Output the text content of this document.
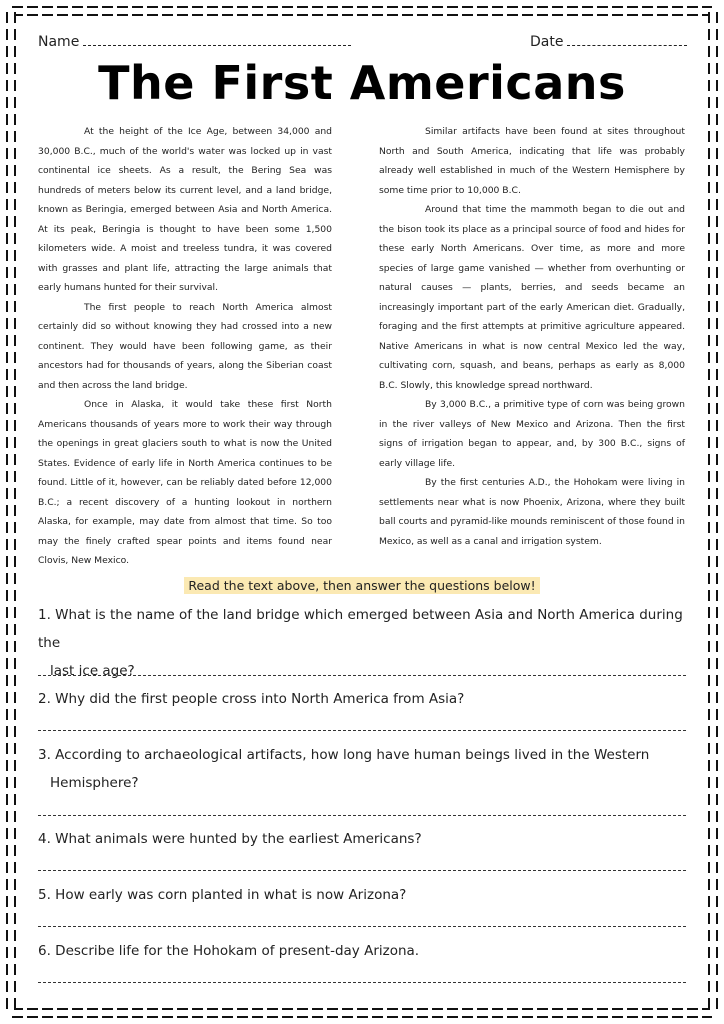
Name	Date
The First Americans

At the height of the Ice Age, between 34,000 and 30,000 B.C., much of the world's water was locked up in vast continental ice sheets. As a result, the Bering Sea was hundreds of meters below its current level, and a land bridge, known as Beringia, emerged between Asia and North America. At its peak, Beringia is thought to have been some 1,500 kilometers wide. A moist and treeless tundra, it was covered with grasses and plant life, attracting the large animals that early humans hunted for their survival.

The first people to reach North America almost certainly did so without knowing they had crossed into a new continent. They would have been following game, as their ancestors had for thousands of years, along the Siberian coast and then across the land bridge.

Once in Alaska, it would take these first North Americans thousands of years more to work their way through the openings in great glaciers south to what is now the United States. Evidence of early life in North America continues to be found. Little of it, however, can be reliably dated before 12,000 B.C.; a recent discovery of a hunting lookout in northern Alaska, for example, may date from almost that time. So too may the finely crafted spear points and items found near Clovis, New Mexico.

Similar artifacts have been found at sites throughout North and South America, indicating that life was probably already well established in much of the Western Hemisphere by some time prior to 10,000 B.C.

Around that time the mammoth began to die out and the bison took its place as a principal source of food and hides for these early North Americans. Over time, as more and more species of large game vanished — whether from overhunting or natural causes — plants, berries, and seeds became an increasingly important part of the early American diet. Gradually, foraging and the first attempts at primitive agriculture appeared. Native Americans in what is now central Mexico led the way, cultivating corn, squash, and beans, perhaps as early as 8,000 B.C. Slowly, this knowledge spread northward.

By 3,000 B.C., a primitive type of corn was being grown in the river valleys of New Mexico and Arizona. Then the first signs of irrigation began to appear, and, by 300 B.C., signs of early village life.

By the first centuries A.D., the Hohokam were living in settlements near what is now Phoenix, Arizona, where they built ball courts and pyramid-like mounds reminiscent of those found in Mexico, as well as a canal and irrigation system.

Read the text above, then answer the questions below!
1. What is the name of the land bridge which emerged between Asia and North America during the
last ice age?
2. Why did the first people cross into North America from Asia?
3. According to archaeological artifacts, how long have human beings lived in the Western
Hemisphere?
4. What animals were hunted by the earliest Americans?
5. How early was corn planted in what is now Arizona?
6. Describe life for the Hohokam of present-day Arizona.
